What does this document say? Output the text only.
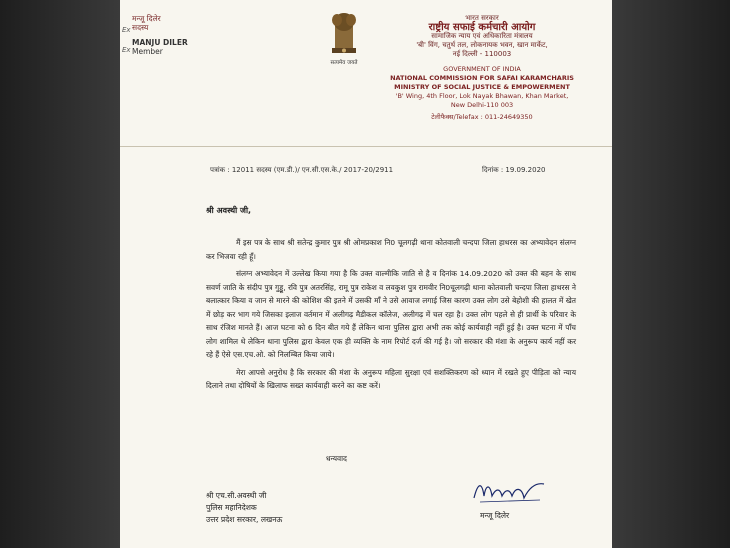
मन्जू दिलेर
सदस्य
MANJU DILER
Member
Ex
Ex
सत्यमेव जयते
भारत सरकार
राष्ट्रीय सफाई कर्मचारी आयोग
सामाजिक न्याय एवं अधिकारिता मंत्रालय
'बी' विंग, चतुर्थ तल, लोकनायक भवन, खान मार्केट,
नई दिल्ली - 110003
GOVERNMENT OF INDIA
NATIONAL COMMISSION FOR SAFAI KARAMCHARIS
MINISTRY OF SOCIAL JUSTICE & EMPOWERMENT
'B' Wing, 4th Floor, Lok Nayak Bhawan, Khan Market,
New Delhi-110 003
टेलीफैक्स/Telefax : 011-24649350
पत्रांक : 12011 सदस्य (एम.डी.)/ एन.सी.एस.के./ 2017-20/2911	दिनांक : 19.09.2020
श्री अवस्थी जी,

मैं इस पत्र के साथ श्री सतेन्द्र कुमार पुत्र श्री ओमप्रकाश नि0 चूलगढ़ी थाना कोतवाली चन्दपा जिला हाथरस का अभ्यावेदन संलग्न कर भिजवा रही हूँ।

संलग्न अभ्यावेदन में उल्लेख किया गया है कि उक्त वाल्मीकि जाति से है व दिनांक 14.09.2020 को उक्त की बहन के साथ सवर्ण जाति के संदीप पुत्र गुड्डू, रवि पुत्र अतरसिंह, रामू पुत्र राकेश व लवकुश पुत्र रामवीर नि0चूलगढ़ी थाना कोतवाली चन्दपा जिला हाथरस ने बलात्कार किया व जान से मारने की कोशिश की इतने में उसकी माँ ने उसे आवाज लगाई जिस कारण उक्त लोग उसे बेहोशी की हालत में खेत में छोड़ कर भाग गये जिसका इलाज वर्तमान में अलीगढ़ मैडीकल कॉलेज, अलीगढ़ में चल रहा है। उक्त लोग पहले से ही प्रार्थी के परिवार के साथ रंजिश मानते हैं। आज घटना को 6 दिन बीत गये हैं लेकिन थाना पुलिस द्वारा अभी तक कोई कार्यवाही नहीं हुई है। उक्त घटना में पाँच लोग शामिल थे लेकिन थाना पुलिस द्वारा केवल एक ही व्यक्ति के नाम रिपोर्ट दर्ज की गई है। जो सरकार की मंशा के अनुरूप कार्य नहीं कर रहे हैं ऐसे एस.एच.ओ. को निलम्बित किया जाये।

मेरा आपसे अनुरोध है कि सरकार की मंशा के अनुरूप महिला सुरक्षा एवं सशक्तिकरण को ध्यान में रखते हुए पीड़िता को न्याय दिलाने तथा दोषियों के खिलाफ सख्त कार्यवाही करने का कष्ट करें।

धन्यवाद
श्री एच.सी.अवस्थी जी
पुलिस महानिदेशक
उत्तर प्रदेश सरकार, लखनऊ	मन्जू दिलेर
